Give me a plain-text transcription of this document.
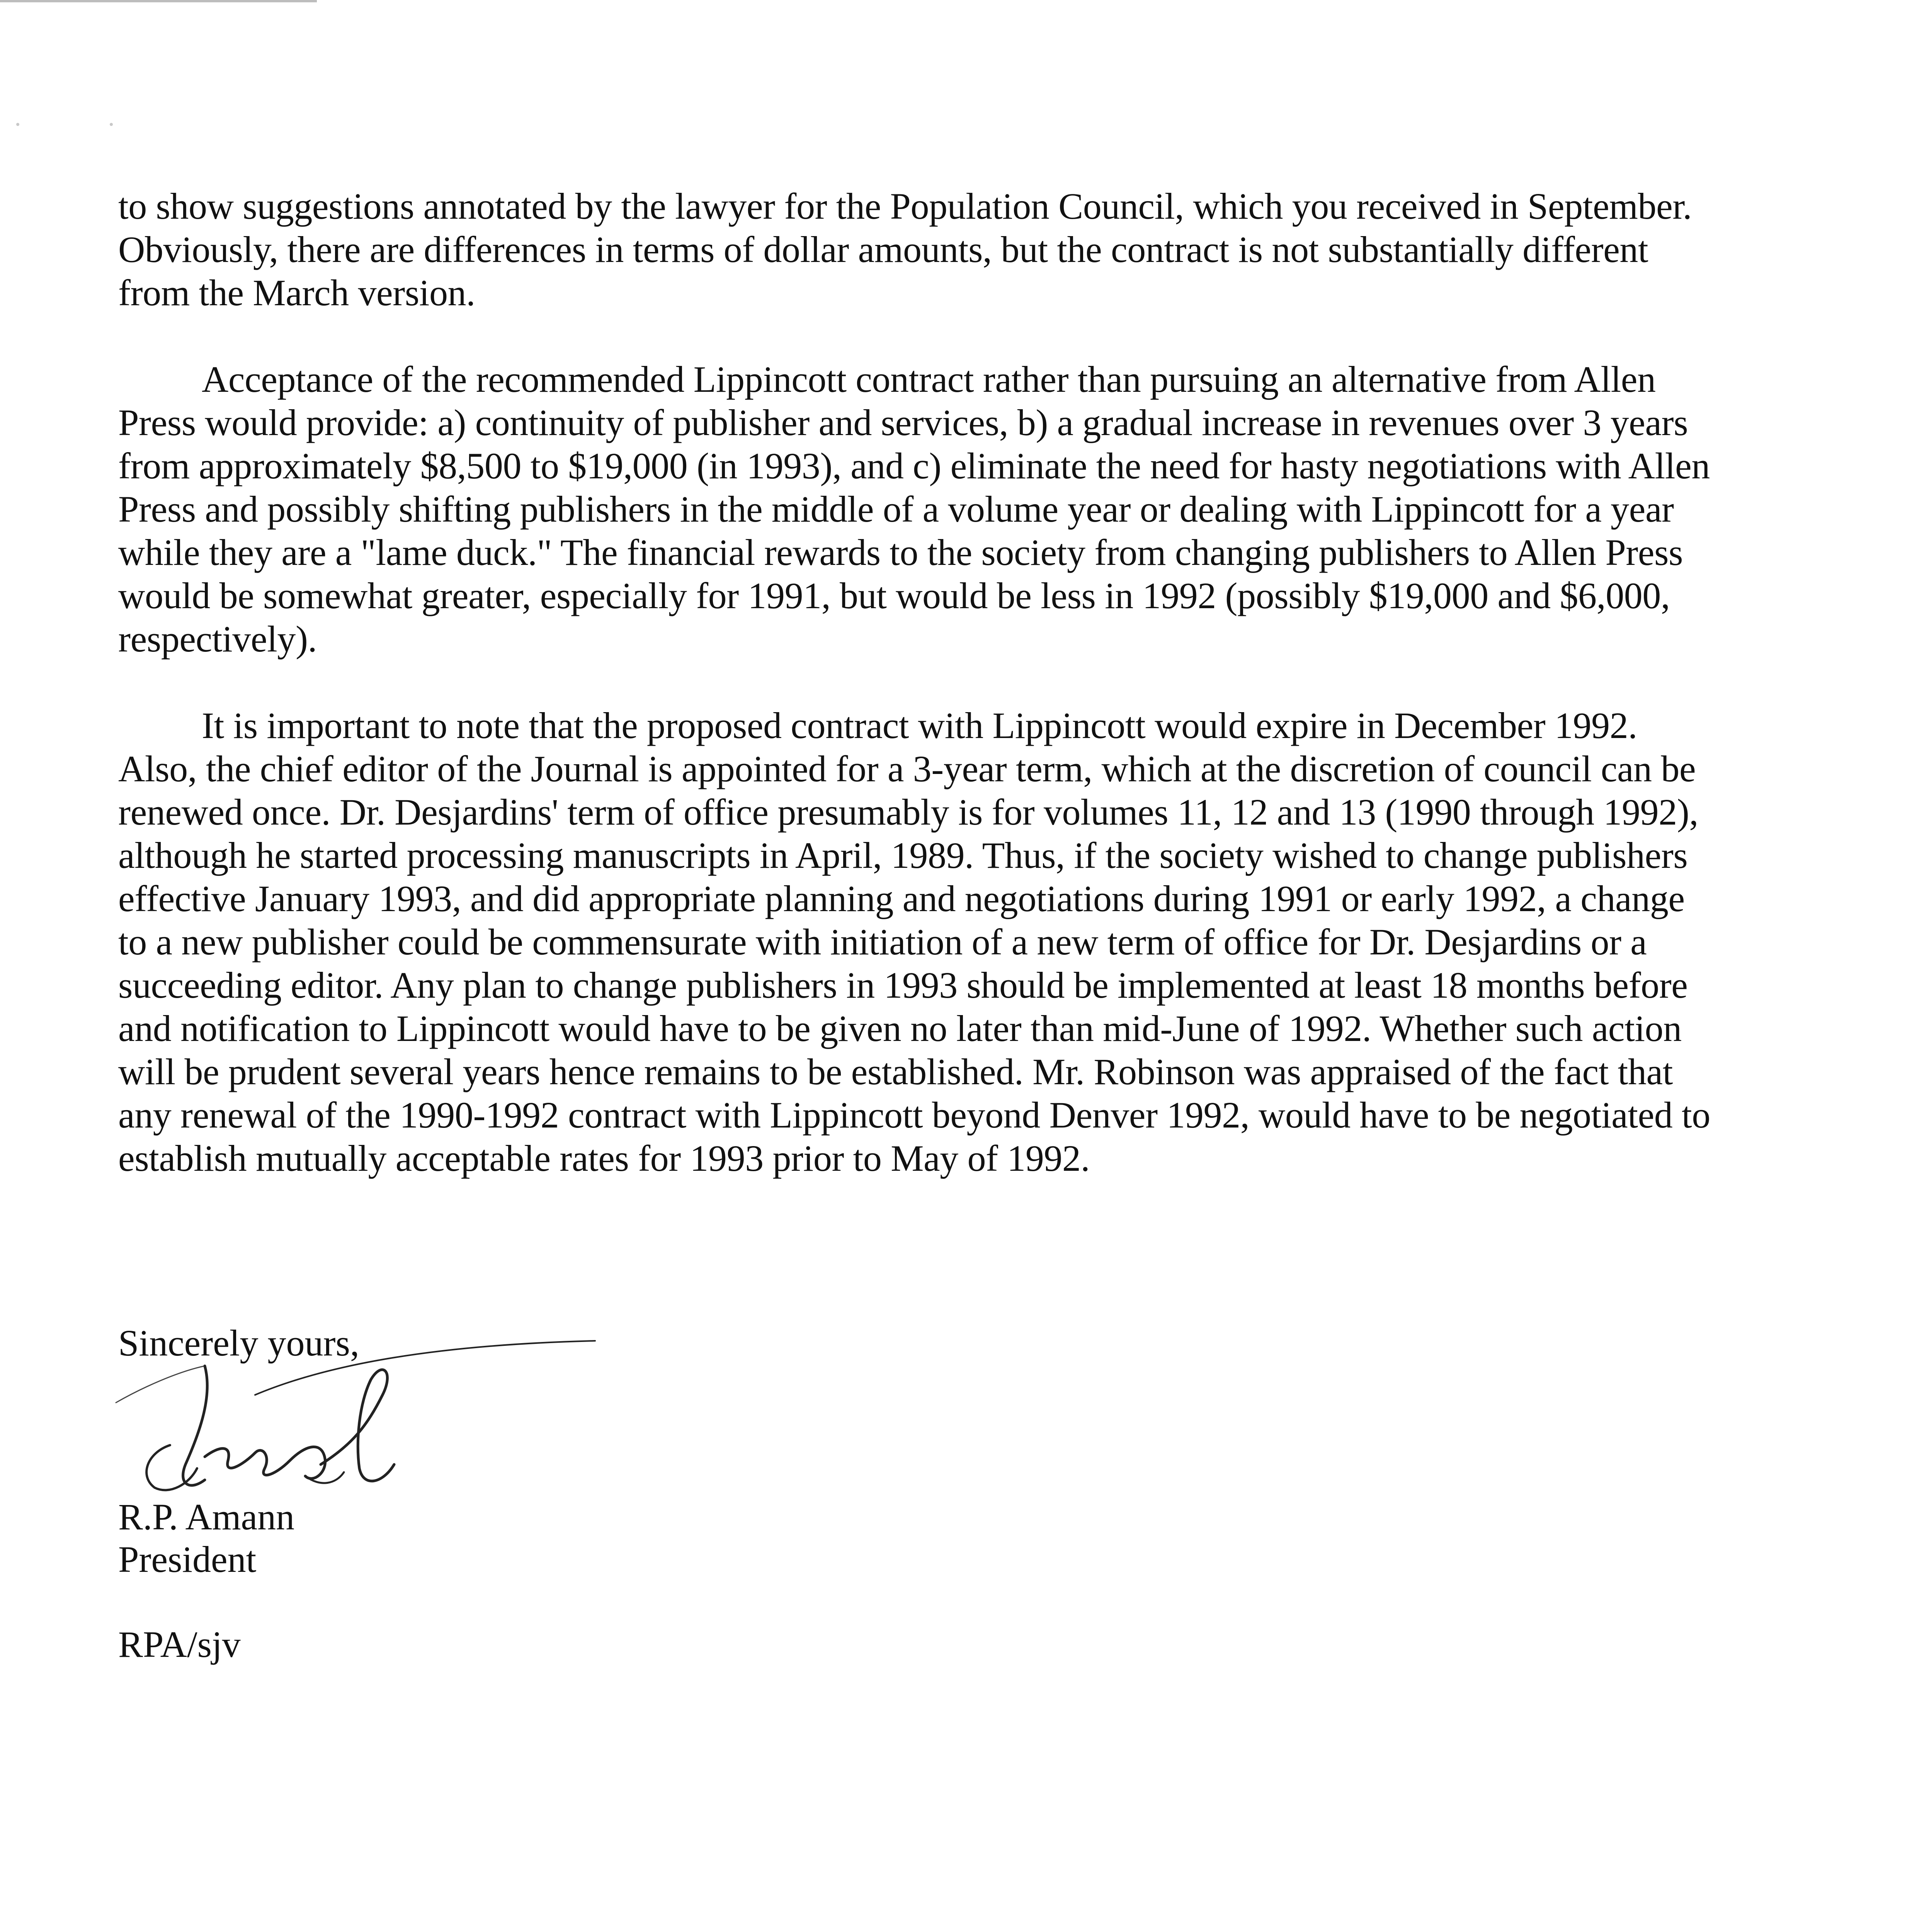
to show suggestions annotated by the lawyer for the Population Council, which you received in September. Obviously, there are differences in terms of dollar amounts, but the contract is not substantially different from the March version.

Acceptance of the recommended Lippincott contract rather than pursuing an alternative from Allen Press would provide: a) continuity of publisher and services, b) a gradual increase in revenues over 3 years from approximately $8,500 to $19,000 (in 1993), and c) eliminate the need for hasty negotiations with Allen Press and possibly shifting publishers in the middle of a volume year or dealing with Lippincott for a year while they are a "lame duck." The financial rewards to the society from changing publishers to Allen Press would be somewhat greater, especially for 1991, but would be less in 1992 (possibly $19,000 and $6,000, respectively).

It is important to note that the proposed contract with Lippincott would expire in December 1992. Also, the chief editor of the Journal is appointed for a 3-year term, which at the discretion of council can be renewed once. Dr. Desjardins' term of office presumably is for volumes 11, 12 and 13 (1990 through 1992), although he started processing manuscripts in April, 1989. Thus, if the society wished to change publishers effective January 1993, and did appropriate planning and negotiations during 1991 or early 1992, a change to a new publisher could be commensurate with initiation of a new term of office for Dr. Desjardins or a succeeding editor. Any plan to change publishers in 1993 should be implemented at least 18 months before and notification to Lippincott would have to be given no later than mid-June of 1992. Whether such action will be prudent several years hence remains to be established. Mr. Robinson was appraised of the fact that any renewal of the 1990-1992 contract with Lippincott beyond Denver 1992, would have to be negotiated to establish mutually acceptable rates for 1993 prior to May of 1992.

Sincerely yours,
R.P. Amann
President
RPA/sjv
